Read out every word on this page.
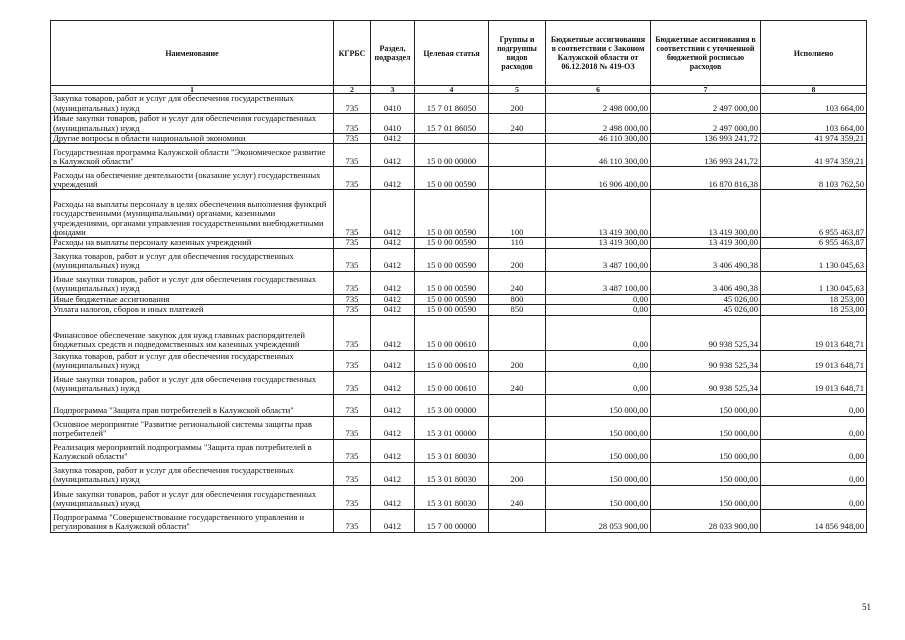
Наименование	КГРБС	Раздел, подраздел	Целевая статья	Группы и подгруппы видов расходов	Бюджетные ассигнования в соответствии с Законом Калужской области от 06.12.2018 № 419-ОЗ	Бюджетные ассигнования в соответствии с уточненной бюджетной росписью расходов	Исполнено
1	2	3	4	5	6	7	8
Закупка товаров, работ и услуг для обеспечения государственных (муниципальных) нужд	735	0410	15 7 01 86050	200	2 498 000,00	2 497 000,00	103 664,00
Иные закупки товаров, работ и услуг для обеспечения государственных (муниципальных) нужд	735	0410	15 7 01 86050	240	2 498 000,00	2 497 000,00	103 664,00
Другие вопросы в области национальной экономики	735	0412			46 110 300,00	136 993 241,72	41 974 359,21
Государственная программа Калужской области "Экономическое развитие в Калужской области"	735	0412	15 0 00 00000		46 110 300,00	136 993 241,72	41 974 359,21
Расходы на обеспечение деятельности (оказание услуг) государственных учреждений	735	0412	15 0 00 00590		16 906 400,00	16 870 816,38	8 103 762,50
Расходы на выплаты персоналу в целях обеспечения выполнения функций государственными (муниципальными) органами, казенными учреждениями, органами управления государственными внебюджетными фондами	735	0412	15 0 00 00590	100	13 419 300,00	13 419 300,00	6 955 463,87
Расходы на выплаты персоналу казенных учреждений	735	0412	15 0 00 00590	110	13 419 300,00	13 419 300,00	6 955 463,87
Закупка товаров, работ и услуг для обеспечения государственных (муниципальных) нужд	735	0412	15 0 00 00590	200	3 487 100,00	3 406 490,38	1 130 045,63
Иные закупки товаров, работ и услуг для обеспечения государственных (муниципальных) нужд	735	0412	15 0 00 00590	240	3 487 100,00	3 406 490,38	1 130 045,63
Иные бюджетные ассигнования	735	0412	15 0 00 00590	800	0,00	45 026,00	18 253,00
Уплата налогов, сборов и иных платежей	735	0412	15 0 00 00590	850	0,00	45 026,00	18 253,00
Финансовое обеспечение закупок для нужд главных распорядителей бюджетных средств и подведомственных им казенных учреждений	735	0412	15 0 00 00610		0,00	90 938 525,34	19 013 648,71
Закупка товаров, работ и услуг для обеспечения государственных (муниципальных) нужд	735	0412	15 0 00 00610	200	0,00	90 938 525,34	19 013 648,71
Иные закупки товаров, работ и услуг для обеспечения государственных (муниципальных) нужд	735	0412	15 0 00 00610	240	0,00	90 938 525,34	19 013 648,71
Подпрограмма "Защита прав потребителей в Калужской области"	735	0412	15 3 00 00000		150 000,00	150 000,00	0,00
Основное мероприятие "Развитие региональной системы защиты прав потребителей"	735	0412	15 3 01 00000		150 000,00	150 000,00	0,00
Реализация мероприятий подпрограммы "Защита прав потребителей в Калужской области"	735	0412	15 3 01 80030		150 000,00	150 000,00	0,00
Закупка товаров, работ и услуг для обеспечения государственных (муниципальных) нужд	735	0412	15 3 01 80030	200	150 000,00	150 000,00	0,00
Иные закупки товаров, работ и услуг для обеспечения государственных (муниципальных) нужд	735	0412	15 3 01 80030	240	150 000,00	150 000,00	0,00
Подпрограмма "Совершенствование государственного управления и регулирования в Калужской области"	735	0412	15 7 00 00000		28 053 900,00	28 033 900,00	14 856 948,00
51
